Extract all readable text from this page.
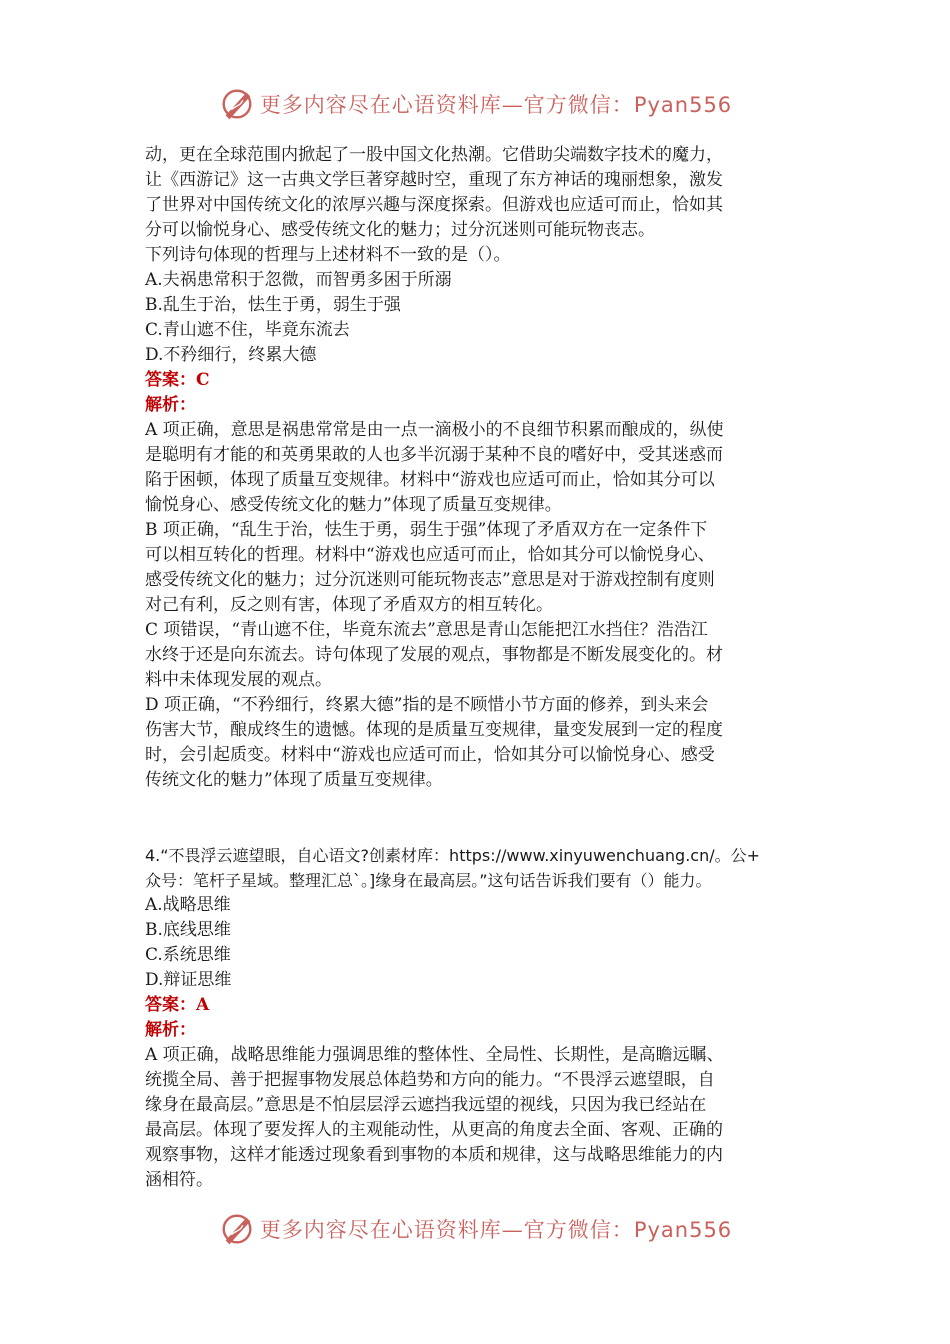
更多内容尽在心语资料库—官方微信：Pyan556

动，更在全球范围内掀起了一股中国文化热潮。它借助尖端数字技术的魔力，

让《西游记》这一古典文学巨著穿越时空，重现了东方神话的瑰丽想象，激发

了世界对中国传统文化的浓厚兴趣与深度探索。但游戏也应适可而止，恰如其

分可以愉悦身心、感受传统文化的魅力；过分沉迷则可能玩物丧志。

下列诗句体现的哲理与上述材料不一致的是（）。

A.夫祸患常积于忽微，而智勇多困于所溺

B.乱生于治，怯生于勇，弱生于强

C.青山遮不住，毕竟东流去

D.不矜细行，终累大德

答案：C

解析：

A 项正确，意思是祸患常常是由一点一滴极小的不良细节积累而酿成的，纵使

是聪明有才能的和英勇果敢的人也多半沉溺于某种不良的嗜好中，受其迷惑而

陷于困顿，体现了质量互变规律。材料中“游戏也应适可而止，恰如其分可以

愉悦身心、感受传统文化的魅力”体现了质量互变规律。

B 项正确，“乱生于治，怯生于勇，弱生于强”体现了矛盾双方在一定条件下

可以相互转化的哲理。材料中“游戏也应适可而止，恰如其分可以愉悦身心、

感受传统文化的魅力；过分沉迷则可能玩物丧志”意思是对于游戏控制有度则

对己有利，反之则有害，体现了矛盾双方的相互转化。

C 项错误，“青山遮不住，毕竟东流去”意思是青山怎能把江水挡住？浩浩江

水终于还是向东流去。诗句体现了发展的观点，事物都是不断发展变化的。材

料中未体现发展的观点。

D 项正确，“不矜细行，终累大德”指的是不顾惜小节方面的修养，到头来会

伤害大节，酿成终生的遗憾。体现的是质量互变规律，量变发展到一定的程度

时，会引起质变。材料中“游戏也应适可而止，恰如其分可以愉悦身心、感受

传统文化的魅力”体现了质量互变规律。

4.“不畏浮云遮望眼，自心语文?创素材库：https://www.xinyuwenchuang.cn/。公+

众号：笔杆子星域。整理汇总`。]缘身在最高层。”这句话告诉我们要有（）能力。

A.战略思维

B.底线思维

C.系统思维

D.辩证思维

答案：A

解析：

A 项正确，战略思维能力强调思维的整体性、全局性、长期性，是高瞻远瞩、

统揽全局、善于把握事物发展总体趋势和方向的能力。“不畏浮云遮望眼，自

缘身在最高层。”意思是不怕层层浮云遮挡我远望的视线，只因为我已经站在

最高层。体现了要发挥人的主观能动性，从更高的角度去全面、客观、正确的

观察事物，这样才能透过现象看到事物的本质和规律，这与战略思维能力的内

涵相符。

更多内容尽在心语资料库—官方微信：Pyan556
